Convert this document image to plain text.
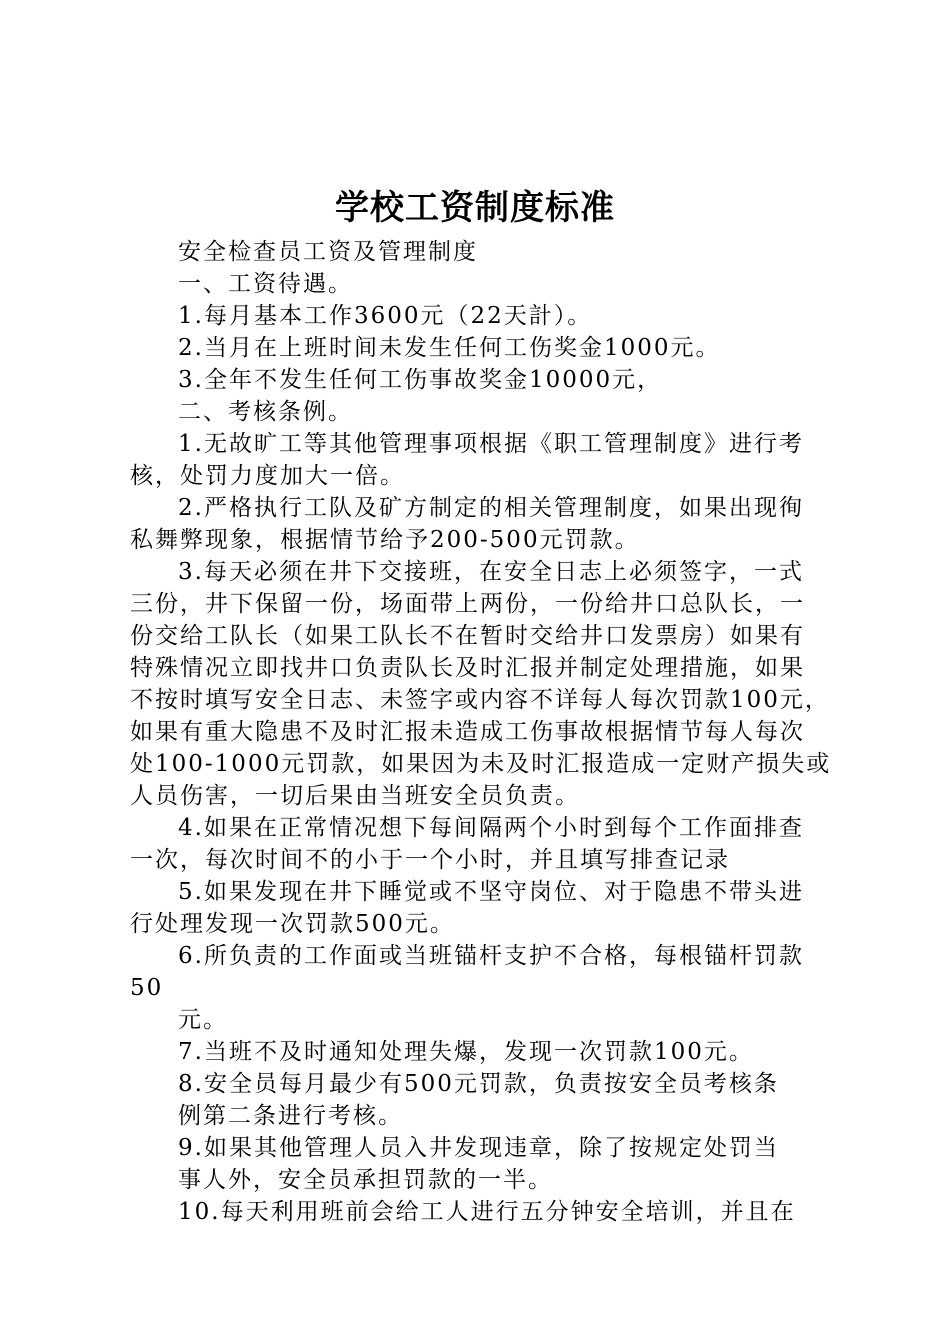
学校工资制度标准

安全检查员工资及管理制度

一、工资待遇。

1.每月基本工作3600元（22天計）。

2.当月在上班时间未发生任何工伤奖金1000元。

3.全年不发生任何工伤事故奖金10000元，

二、考核条例。

1.无故旷工等其他管理事项根据《职工管理制度》进行考

核，处罚力度加大一倍。

2.严格执行工队及矿方制定的相关管理制度，如果出现徇

私舞弊现象，根据情节给予200-500元罚款。

3.每天必须在井下交接班，在安全日志上必须签字，一式

三份，井下保留一份，场面带上两份，一份给井口总队长，一

份交给工队长（如果工队长不在暂时交给井口发票房）如果有

特殊情况立即找井口负责队长及时汇报并制定处理措施，如果

不按时填写安全日志、未签字或内容不详每人每次罚款100元，

如果有重大隐患不及时汇报未造成工伤事故根据情节每人每次

处100-1000元罚款，如果因为未及时汇报造成一定财产损失或

人员伤害，一切后果由当班安全员负责。

4.如果在正常情况想下每间隔两个小时到每个工作面排查

一次，每次时间不的小于一个小时，并且填写排查记录

5.如果发现在井下睡觉或不坚守岗位、对于隐患不带头进

行处理发现一次罚款500元。

6.所负责的工作面或当班锚杆支护不合格，每根锚杆罚款

50

元。

7.当班不及时通知处理失爆，发现一次罚款100元。

8.安全员每月最少有500元罚款，负责按安全员考核条

例第二条进行考核。

9.如果其他管理人员入井发现违章，除了按规定处罚当

事人外，安全员承担罚款的一半。

10.每天利用班前会给工人进行五分钟安全培训，并且在
